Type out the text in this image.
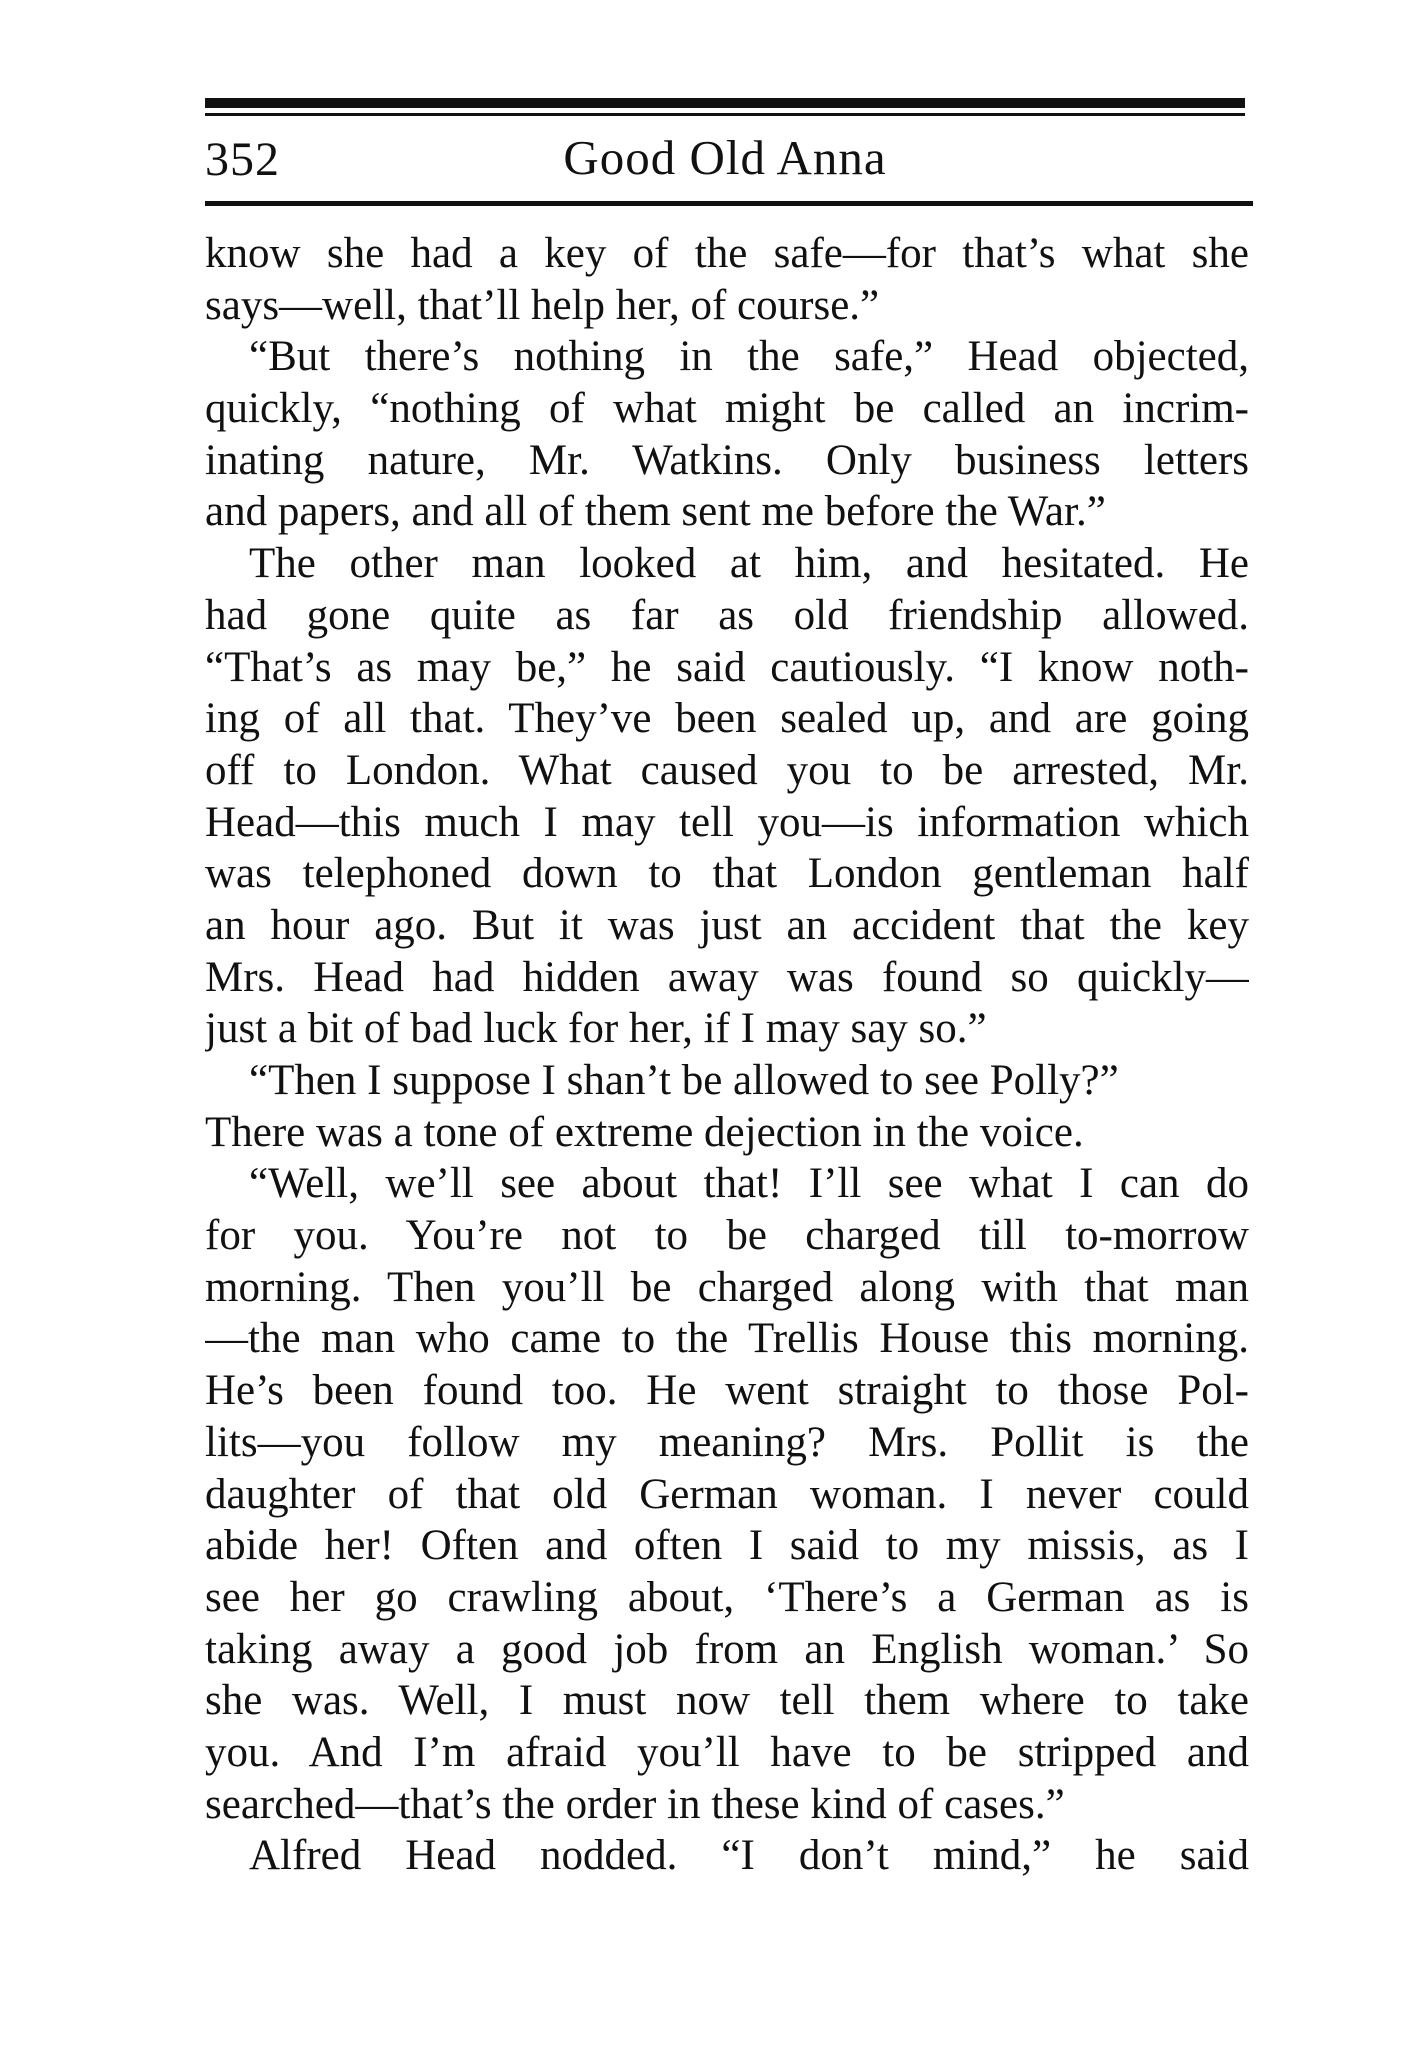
352	Good Old Anna
know she had a key of the safe—for that’s what she
says—well, that’ll help her, of course.”
“But there’s nothing in the safe,” Head objected,
quickly, “nothing of what might be called an incrim-
inating nature, Mr. Watkins. Only business letters
and papers, and all of them sent me before the War.”
The other man looked at him, and hesitated. He
had gone quite as far as old friendship allowed.
“That’s as may be,” he said cautiously. “I know noth-
ing of all that. They’ve been sealed up, and are going
off to London. What caused you to be arrested, Mr.
Head—this much I may tell you—is information which
was telephoned down to that London gentleman half
an hour ago. But it was just an accident that the key
Mrs. Head had hidden away was found so quickly—
just a bit of bad luck for her, if I may say so.”
“Then I suppose I shan’t be allowed to see Polly?”
There was a tone of extreme dejection in the voice.
“Well, we’ll see about that! I’ll see what I can do
for you. You’re not to be charged till to-morrow
morning. Then you’ll be charged along with that man
—the man who came to the Trellis House this morning.
He’s been found too. He went straight to those Pol-
lits—you follow my meaning? Mrs. Pollit is the
daughter of that old German woman. I never could
abide her! Often and often I said to my missis, as I
see her go crawling about, ‘There’s a German as is
taking away a good job from an English woman.’ So
she was. Well, I must now tell them where to take
you. And I’m afraid you’ll have to be stripped and
searched—that’s the order in these kind of cases.”
Alfred Head nodded. “I don’t mind,” he said
